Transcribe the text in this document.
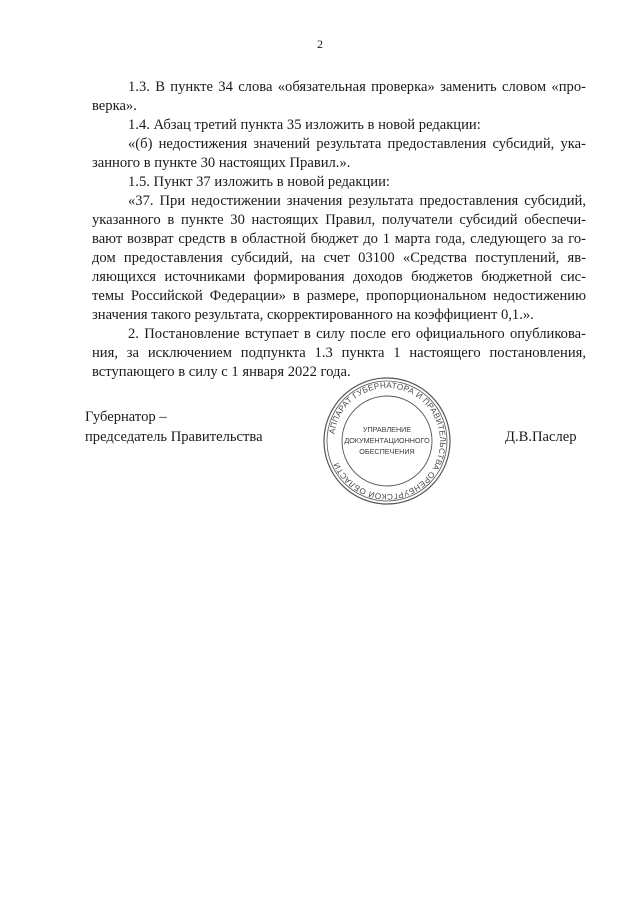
2
1.3. В пункте 34 слова «обязательная проверка» заменить словом «про-
верка».
1.4. Абзац третий пункта 35 изложить в новой редакции:
«(б) недостижения значений результата предоставления субсидий, ука-
занного в пункте 30 настоящих Правил.».
1.5. Пункт 37 изложить в новой редакции:
«37. При недостижении значения результата предоставления субсидий,
указанного в пункте 30 настоящих Правил, получатели субсидий обеспечи-
вают возврат средств в областной бюджет до 1 марта года, следующего за го-
дом предоставления субсидий, на счет 03100 «Средства поступлений, яв-
ляющихся источниками формирования доходов бюджетов бюджетной сис-
темы Российской Федерации» в размере, пропорциональном недостижению
значения такого результата, скорректированного на коэффициент 0,1.».
2. Постановление вступает в силу после его официального опубликова-
ния, за исключением подпункта 1.3 пункта 1 настоящего постановления,
вступающего в силу с 1 января 2022 года.
Губернатор –
председатель Правительства	Д.В.Паслер
АППАРАТ ГУБЕРНАТОРА И ПРАВИТЕЛЬСТВА ОРЕНБУРГСКОЙ ОБЛАСТИ
УПРАВЛЕНИЕ
ДОКУМЕНТАЦИОННОГО
ОБЕСПЕЧЕНИЯ
